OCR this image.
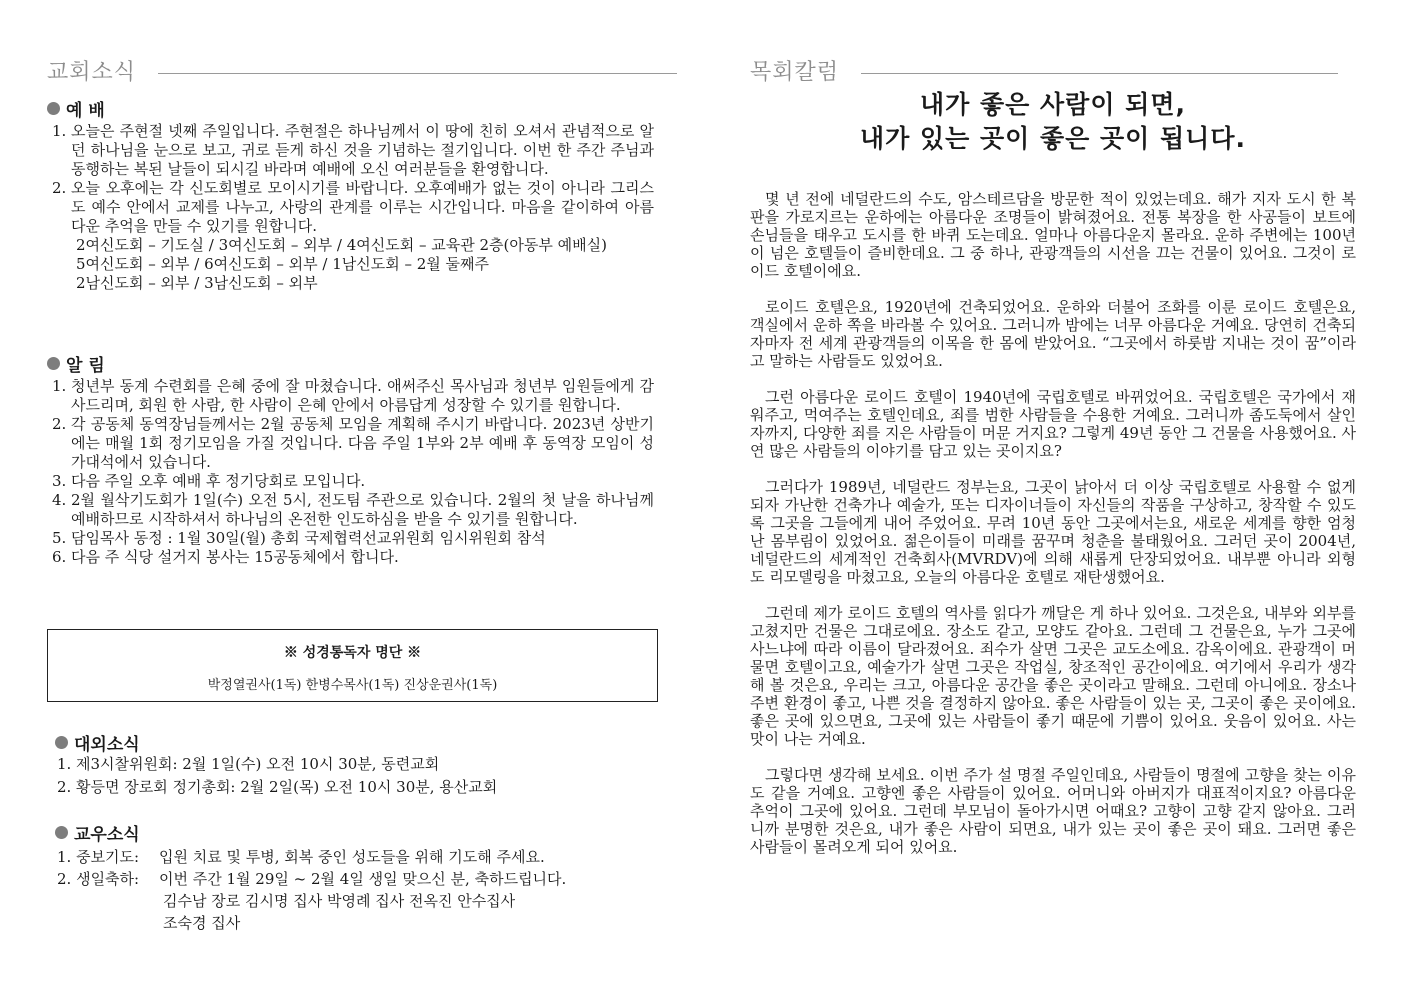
교회소식
예 배
1. 오늘은 주현절 넷째 주일입니다. 주현절은 하나님께서 이 땅에 친히 오셔서 관념적으로 알던 하나님을 눈으로 보고, 귀로 듣게 하신 것을 기념하는 절기입니다. 이번 한 주간 주님과 동행하는 복된 날들이 되시길 바라며 예배에 오신 여러분들을 환영합니다.
2. 오늘 오후에는 각 신도회별로 모이시기를 바랍니다. 오후예배가 없는 것이 아니라 그리스도 예수 안에서 교제를 나누고, 사랑의 관계를 이루는 시간입니다. 마음을 같이하여 아름다운 추억을 만들 수 있기를 원합니다.
2여신도회 – 기도실 / 3여신도회 – 외부 / 4여신도회 – 교육관 2층(아동부 예배실)
5여신도회 – 외부 / 6여신도회 – 외부 / 1남신도회 – 2월 둘째주
2남신도회 – 외부 / 3남신도회 – 외부
알 림
1. 청년부 동계 수련회를 은혜 중에 잘 마쳤습니다. 애써주신 목사님과 청년부 임원들에게 감사드리며, 회원 한 사람, 한 사람이 은혜 안에서 아름답게 성장할 수 있기를 원합니다.
2. 각 공동체 동역장님들께서는 2월 공동체 모임을 계획해 주시기 바랍니다. 2023년 상반기에는 매월 1회 정기모임을 가질 것입니다. 다음 주일 1부와 2부 예배 후 동역장 모임이 성가대석에서 있습니다.
3. 다음 주일 오후 예배 후 정기당회로 모입니다.
4. 2월 월삭기도회가 1일(수) 오전 5시, 전도팀 주관으로 있습니다. 2월의 첫 날을 하나님께 예배하므로 시작하셔서 하나님의 온전한 인도하심을 받을 수 있기를 원합니다.
5. 담임목사 동정 : 1월 30일(월) 총회 국제협력선교위원회 임시위원회 참석
6. 다음 주 식당 설거지 봉사는 15공동체에서 합니다.
※ 성경통독자 명단 ※
박정열권사(1독) 한병수목사(1독) 진상운권사(1독)
대외소식
1. 제3시찰위원회: 2월 1일(수) 오전 10시 30분, 동련교회
2. 황등면 장로회 정기총회: 2월 2일(목) 오전 10시 30분, 용산교회
교우소식
1. 중보기도:	입원 치료 및 투병, 회복 중인 성도들을 위해 기도해 주세요.
2. 생일축하:	이번 주간 1월 29일 ~ 2월 4일 생일 맞으신 분, 축하드립니다.
김수남 장로 김시명 집사 박영례 집사 전옥진 안수집사
조숙경 집사
목회칼럼
내가 좋은 사람이 되면,
내가 있는 곳이 좋은 곳이 됩니다.

몇 년 전에 네덜란드의 수도, 암스테르담을 방문한 적이 있었는데요. 해가 지자 도시 한 복판을 가로지르는 운하에는 아름다운 조명들이 밝혀졌어요. 전통 복장을 한 사공들이 보트에 손님들을 태우고 도시를 한 바퀴 도는데요. 얼마나 아름다운지 몰라요. 운하 주변에는 100년이 넘은 호텔들이 즐비한데요. 그 중 하나, 관광객들의 시선을 끄는 건물이 있어요. 그것이 로이드 호텔이에요.

로이드 호텔은요, 1920년에 건축되었어요. 운하와 더불어 조화를 이룬 로이드 호텔은요, 객실에서 운하 쪽을 바라볼 수 있어요. 그러니까 밤에는 너무 아름다운 거예요. 당연히 건축되자마자 전 세계 관광객들의 이목을 한 몸에 받았어요. “그곳에서 하룻밤 지내는 것이 꿈”이라고 말하는 사람들도 있었어요.

그런 아름다운 로이드 호텔이 1940년에 국립호텔로 바뀌었어요. 국립호텔은 국가에서 재워주고, 먹여주는 호텔인데요, 죄를 범한 사람들을 수용한 거예요. 그러니까 좀도둑에서 살인자까지, 다양한 죄를 지은 사람들이 머문 거지요? 그렇게 49년 동안 그 건물을 사용했어요. 사연 많은 사람들의 이야기를 담고 있는 곳이지요?

그러다가 1989년, 네덜란드 정부는요, 그곳이 낡아서 더 이상 국립호텔로 사용할 수 없게 되자 가난한 건축가나 예술가, 또는 디자이너들이 자신들의 작품을 구상하고, 창작할 수 있도록 그곳을 그들에게 내어 주었어요. 무려 10년 동안 그곳에서는요, 새로운 세계를 향한 엄청난 몸부림이 있었어요. 젊은이들이 미래를 꿈꾸며 청춘을 불태웠어요. 그러던 곳이 2004년, 네덜란드의 세계적인 건축회사(MVRDV)에 의해 새롭게 단장되었어요. 내부뿐 아니라 외형도 리모델링을 마쳤고요, 오늘의 아름다운 호텔로 재탄생했어요.

그런데 제가 로이드 호텔의 역사를 읽다가 깨달은 게 하나 있어요. 그것은요, 내부와 외부를 고쳤지만 건물은 그대로에요. 장소도 같고, 모양도 같아요. 그런데 그 건물은요, 누가 그곳에 사느냐에 따라 이름이 달라졌어요. 죄수가 살면 그곳은 교도소에요. 감옥이에요. 관광객이 머물면 호텔이고요, 예술가가 살면 그곳은 작업실, 창조적인 공간이에요. 여기에서 우리가 생각해 볼 것은요, 우리는 크고, 아름다운 공간을 좋은 곳이라고 말해요. 그런데 아니에요. 장소나 주변 환경이 좋고, 나쁜 것을 결정하지 않아요. 좋은 사람들이 있는 곳, 그곳이 좋은 곳이에요. 좋은 곳에 있으면요, 그곳에 있는 사람들이 좋기 때문에 기쁨이 있어요. 웃음이 있어요. 사는 맛이 나는 거예요.

그렇다면 생각해 보세요. 이번 주가 설 명절 주일인데요, 사람들이 명절에 고향을 찾는 이유도 같을 거예요. 고향엔 좋은 사람들이 있어요. 어머니와 아버지가 대표적이지요? 아름다운 추억이 그곳에 있어요. 그런데 부모님이 돌아가시면 어때요? 고향이 고향 같지 않아요. 그러니까 분명한 것은요, 내가 좋은 사람이 되면요, 내가 있는 곳이 좋은 곳이 돼요. 그러면 좋은 사람들이 몰려오게 되어 있어요.
